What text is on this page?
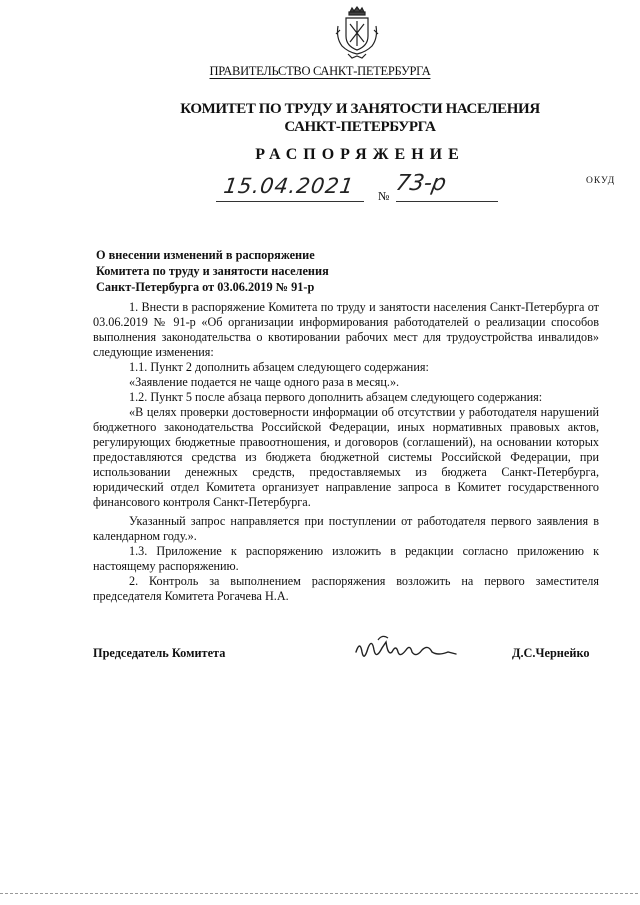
ПРАВИТЕЛЬСТВО САНКТ-ПЕТЕРБУРГА
КОМИТЕТ ПО ТРУДУ И ЗАНЯТОСТИ НАСЕЛЕНИЯ
САНКТ-ПЕТЕРБУРГА
РАСПОРЯЖЕНИЕ
ОКУД
15.04.2021	№ 73-р
О внесении изменений в распоряжение
Комитета по труду и занятости населения
Санкт-Петербурга от 03.06.2019 № 91-р

1. Внести в распоряжение Комитета по труду и занятости населения Санкт-Петербурга от 03.06.2019 № 91-р «Об организации информирования работодателей о реализации способов выполнения законодательства о квотировании рабочих мест для трудоустройства инвалидов» следующие изменения:

1.1. Пункт 2 дополнить абзацем следующего содержания:

«Заявление подается не чаще одного раза в месяц.».

1.2. Пункт 5 после абзаца первого дополнить абзацем следующего содержания:

«В целях проверки достоверности информации об отсутствии у работодателя нарушений бюджетного законодательства Российской Федерации, иных нормативных правовых актов, регулирующих бюджетные правоотношения, и договоров (соглашений), на основании которых предоставляются средства из бюджета бюджетной системы Российской Федерации, при использовании денежных средств, предоставляемых из бюджета Санкт-Петербурга, юридический отдел Комитета организует направление запроса в Комитет государственного финансового контроля Санкт-Петербурга.

Указанный запрос направляется при поступлении от работодателя первого заявления в календарном году.».

1.3. Приложение к распоряжению изложить в редакции согласно приложению к настоящему распоряжению.

2. Контроль за выполнением распоряжения возложить на первого заместителя председателя Комитета Рогачева Н.А.

Председатель Комитета	Д.С.Чернейко
